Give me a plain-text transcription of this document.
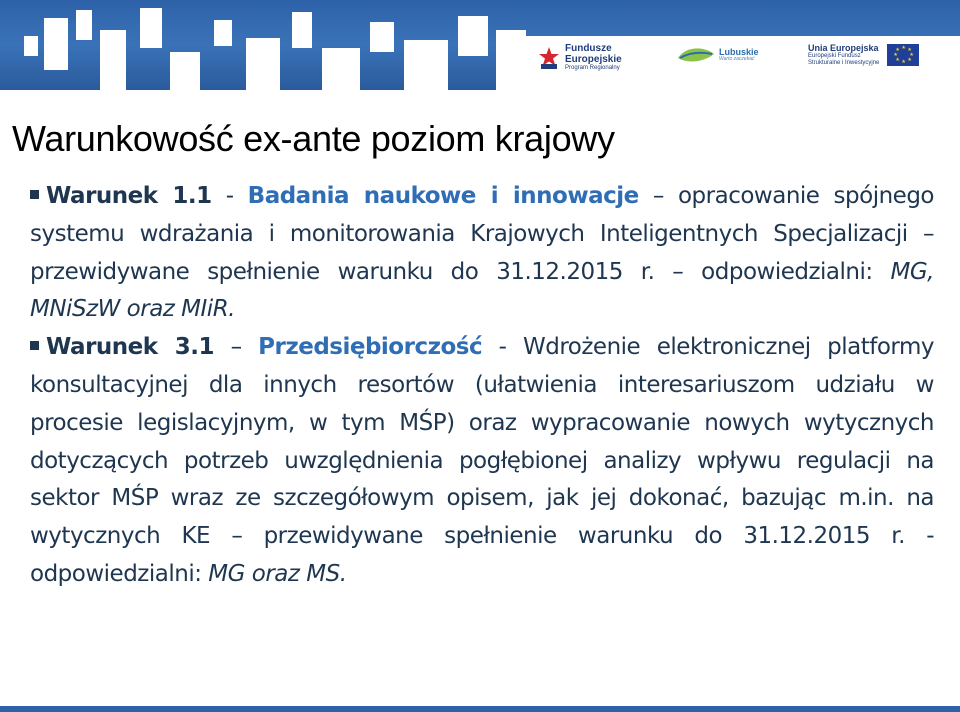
Fundusze
Europejskie
Program Regionalny
Lubuskie
Warto zaczekać
Unia Europejska
Europejski Fundusz
Strukturalne i Inwestycyjne
★ ★
★
★
★
★
★
★
Warunkowość ex-ante poziom krajowy

Warunek 1.1 - Badania naukowe i innowacje – opracowanie spójnego systemu wdrażania i monitorowania Krajowych Inteligentnych Specjalizacji – przewidywane spełnienie warunku do 31.12.2015 r. – odpowiedzialni: MG, MNiSzW oraz MIiR.

Warunek 3.1 – Przedsiębiorczość - Wdrożenie elektronicznej platformy konsultacyjnej dla innych resortów (ułatwienia interesariuszom udziału w procesie legislacyjnym, w tym MŚP) oraz wypracowanie nowych wytycznych dotyczących potrzeb uwzględnienia pogłębionej analizy wpływu regulacji na sektor MŚP wraz ze szczegółowym opisem, jak jej dokonać, bazując m.in. na wytycznych KE – przewidywane spełnienie warunku do 31.12.2015 r. - odpowiedzialni: MG oraz MS.
